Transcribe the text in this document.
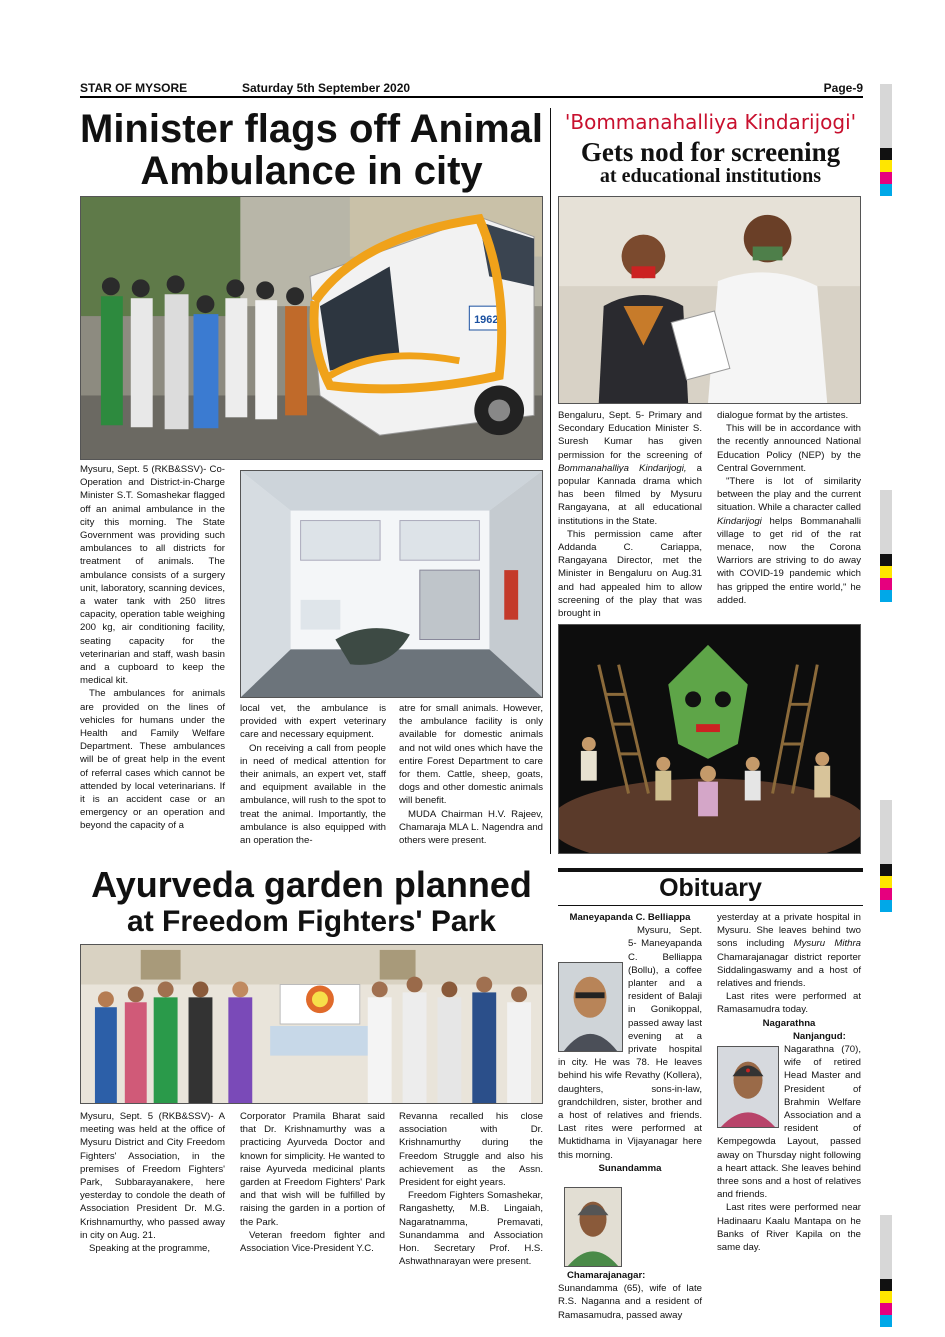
STAR OF MYSORE	Saturday 5th September 2020	Page-9
Minister flags off Animal Ambulance in city
1962

Mysuru, Sept. 5 (RKB&SSV)- Co-Operation and District-in-Charge Minister S.T. Somashekar flagged off an animal ambulance in the city this morning. The State Government was providing such ambulances to all districts for treatment of animals. The ambulance consists of a surgery unit, laboratory, scanning devices, a water tank with 250 litres capacity, operation table weighing 200 kg, air conditioning facility, seating capacity for the veterinarian and staff, wash basin and a cupboard to keep the medical kit.

The ambulances for animals are provided on the lines of vehicles for humans under the Health and Family Welfare Department. These ambulances will be of great help in the event of referral cases which cannot be attended by local veterinarians. If it is an accident case or an emergency or an operation and beyond the capacity of a

local vet, the ambulance is provided with expert veterinary care and necessary equipment.

On receiving a call from people in need of medical attention for their animals, an expert vet, staff and equipment available in the ambulance, will rush to the spot to treat the animal. Importantly, the ambulance is also equipped with an operation the-

atre for small animals. However, the ambulance facility is only available for domestic animals and not wild ones which have the entire Forest Department to care for them. Cattle, sheep, goats, dogs and other domestic animals will benefit.

MUDA Chairman H.V. Rajeev, Chamaraja MLA L. Nagendra and others were present.

'Bommanahalliya Kindarijogi'
Gets nod for screening
at educational institutions

Bengaluru, Sept. 5- Primary and Secondary Education Minister S. Suresh Kumar has given permission for the screening of Bommanahalliya Kindarijogi, a popular Kannada drama which has been filmed by Mysuru Rangayana, at all educational institutions in the State.

This permission came after Addanda C. Cariappa, Rangayana Director, met the Minister in Bengaluru on Aug.31 and had appealed him to allow screening of the play that was brought in

dialogue format by the artistes.

This will be in accordance with the recently announced National Education Policy (NEP) by the Central Government.

"There is lot of similarity between the play and the current situation. While a character called Kindarijogi helps Bommanahalli village to get rid of the rat menace, now the Corona Warriors are striving to do away with COVID-19 pandemic which has gripped the entire world," he added.

Ayurveda garden planned
at Freedom Fighters' Park

Mysuru, Sept. 5 (RKB&SSV)- A meeting was held at the office of Mysuru District and City Freedom Fighters' Association, in the premises of Freedom Fighters' Park, Subbarayanakere, here yesterday to condole the death of Association President Dr. M.G. Krishnamurthy, who passed away in city on Aug. 21.

Speaking at the programme,

Corporator Pramila Bharat said that Dr. Krishnamurthy was a practicing Ayurveda Doctor and known for simplicity. He wanted to raise Ayurveda medicinal plants garden at Freedom Fighters' Park and that wish will be fulfilled by raising the garden in a portion of the Park.

Veteran freedom fighter and Association Vice-President Y.C.

Revanna recalled his close association with Dr. Krishnamurthy during the Freedom Struggle and also his achievement as the Assn. President for eight years.

Freedom Fighters Somashekar, Rangashetty, M.B. Lingaiah, Nagaratnamma, Premavati, Sunandamma and Association Hon. Secretary Prof. H.S. Ashwathnarayan were present.

Obituary
Maneyapanda C. Belliappa

Mysuru, Sept. 5- Maneyapanda C. Belliappa (Bollu), a coffee planter and a resident of Balaji in Gonikoppal, passed away last evening at a private hospital in city. He was 78. He leaves behind his wife Revathy (Kollera), daughters, sons-in-law, grandchildren, sister, brother and a host of relatives and friends. Last rites were performed at Muktidhama in Vijayanagar here this morning.

Sunandamma

Chamarajanagar: Sunandamma (65), wife of late R.S. Naganna and a resident of Ramasamudra, passed away

yesterday at a private hospital in Mysuru. She leaves behind two sons including Mysuru Mithra Chamarajanagar district reporter Siddalingaswamy and a host of relatives and friends.

Last rites were performed at Ramasamudra today.

Nagarathna

Nanjangud: Nagarathna (70), wife of retired Head Master and President of Brahmin Welfare Association and a resident of Kempegowda Layout, passed away on Thursday night following a heart attack. She leaves behind three sons and a host of relatives and friends.

Last rites were performed near Hadinaaru Kaalu Mantapa on he Banks of River Kapila on the same day.
